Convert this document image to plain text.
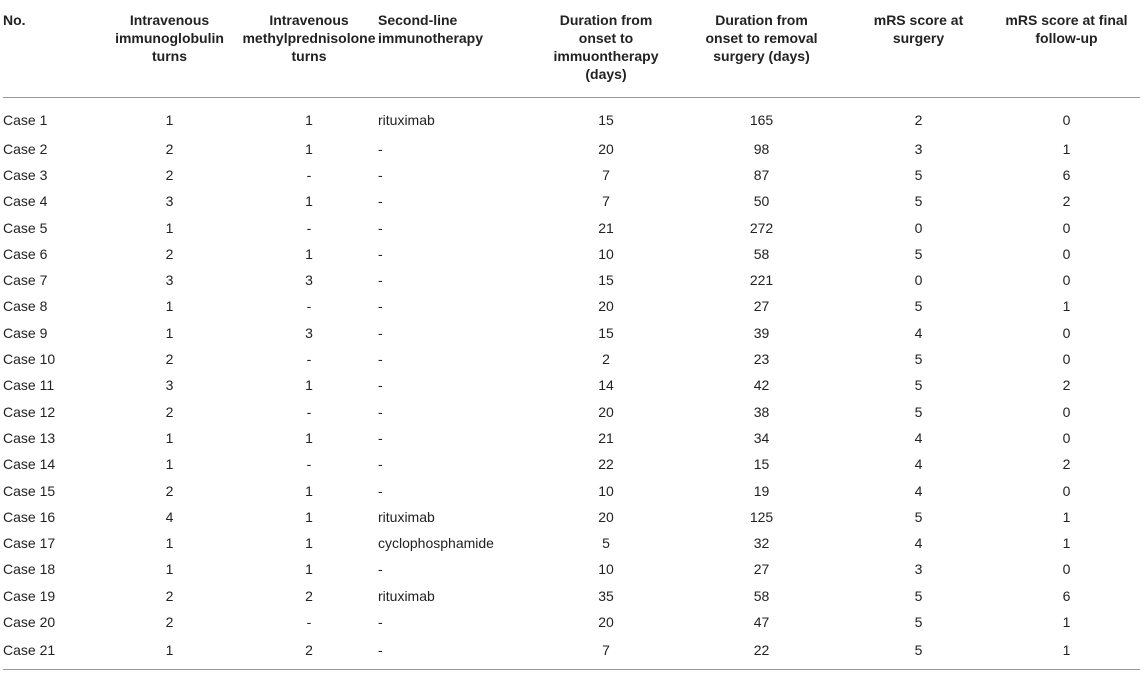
No.	Intravenous
immunoglobulin
turns	Intravenous
methylprednisolone
turns	Second-line
immunotherapy	Duration from
onset to
immuontherapy
(days)	Duration from
onset to removal
surgery (days)	mRS score at
surgery	mRS score at final
follow-up
Case 1	1	1	rituximab	15	165	2	0
Case 2	2	1	-	20	98	3	1
Case 3	2	-	-	7	87	5	6
Case 4	3	1	-	7	50	5	2
Case 5	1	-	-	21	272	0	0
Case 6	2	1	-	10	58	5	0
Case 7	3	3	-	15	221	0	0
Case 8	1	-	-	20	27	5	1
Case 9	1	3	-	15	39	4	0
Case 10	2	-	-	2	23	5	0
Case 11	3	1	-	14	42	5	2
Case 12	2	-	-	20	38	5	0
Case 13	1	1	-	21	34	4	0
Case 14	1	-	-	22	15	4	2
Case 15	2	1	-	10	19	4	0
Case 16	4	1	rituximab	20	125	5	1
Case 17	1	1	cyclophosphamide	5	32	4	1
Case 18	1	1	-	10	27	3	0
Case 19	2	2	rituximab	35	58	5	6
Case 20	2	-	-	20	47	5	1
Case 21	1	2	-	7	22	5	1
